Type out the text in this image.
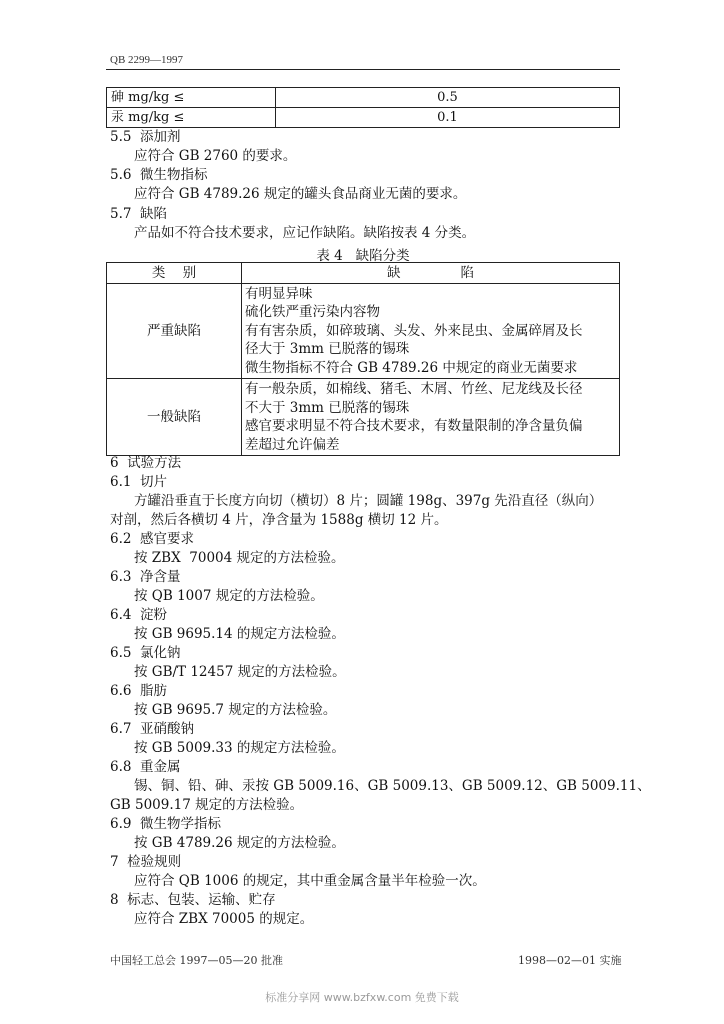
QB 2299—1997
砷 mg/kg ≤	0.5
汞 mg/kg ≤	0.1
5.5  添加剂
应符合 GB 2760 的要求。
5.6  微生物指标
应符合 GB 4789.26 规定的罐头食品商业无菌的要求。
5.7  缺陷
产品如不符合技术要求，应记作缺陷。缺陷按表 4 分类。
表 4   缺陷分类
类    别	缺              陷
严重缺陷	有明显异味
硫化铁严重污染内容物
有有害杂质，如碎玻璃、头发、外来昆虫、金属碎屑及长
径大于 3mm 已脱落的锡珠
微生物指标不符合 GB 4789.26 中规定的商业无菌要求

一般缺陷	有一般杂质，如棉线、猪毛、木屑、竹丝、尼龙线及长径
不大于 3mm 已脱落的锡珠
感官要求明显不符合技术要求，有数量限制的净含量负偏
差超过允许偏差
6  试验方法
6.1  切片
方罐沿垂直于长度方向切（横切）8 片；圆罐 198g、397g 先沿直径（纵向）
对剖，然后各横切 4 片，净含量为 1588g 横切 12 片。
6.2  感官要求
按 ZBX  70004 规定的方法检验。
6.3  净含量
按 QB 1007 规定的方法检验。
6.4  淀粉
按 GB 9695.14 的规定方法检验。
6.5  氯化钠
按 GB/T 12457 规定的方法检验。
6.6  脂肪
按 GB 9695.7 规定的方法检验。
6.7  亚硝酸钠
按 GB 5009.33 的规定方法检验。
6.8  重金属
锡、铜、铅、砷、汞按 GB 5009.16、GB 5009.13、GB 5009.12、GB 5009.11、
GB 5009.17 规定的方法检验。
6.9  微生物学指标
按 GB 4789.26 规定的方法检验。
7  检验规则
应符合 QB 1006 的规定，其中重金属含量半年检验一次。
8  标志、包装、运输、贮存
应符合 ZBX 70005 的规定。
中国轻工总会 1997—05—20 批准	1998—02—01 实施
标准分享网 www.bzfxw.com 免费下载
